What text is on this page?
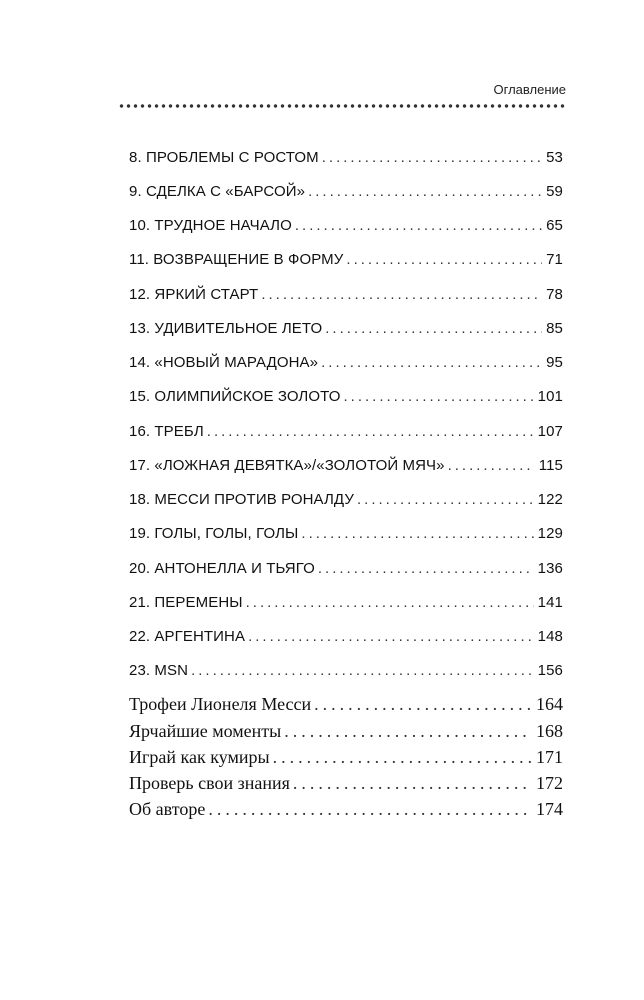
Оглавление
8. ПРОБЛЕМЫ С РОСТОМ .....	53
9. СДЕЛКА С «БАРСОЙ» .....	59
10. ТРУДНОЕ НАЧАЛО .....	65
11. ВОЗВРАЩЕНИЕ В ФОРМУ .....	71
12. ЯРКИЙ СТАРТ .....	78
13. УДИВИТЕЛЬНОЕ ЛЕТО .....	85
14. «НОВЫЙ МАРАДОНА» .....	95
15. ОЛИМПИЙСКОЕ ЗОЛОТО .....	101
16. ТРЕБЛ .....	107
17. «ЛОЖНАЯ ДЕВЯТКА»/«ЗОЛОТОЙ МЯЧ» .....	115
18. МЕССИ ПРОТИВ РОНАЛДУ .....	122
19. ГОЛЫ, ГОЛЫ, ГОЛЫ .....	129
20. АНТОНЕЛЛА И ТЬЯГО .....	136
21. ПЕРЕМЕНЫ .....	141
22. АРГЕНТИНА .....	148
23. MSN .....	156
Трофеи Лионеля Месси .....	164
Ярчайшие моменты .....	168
Играй как кумиры .....	171
Проверь свои знания .....	172
Об авторе .....	174
